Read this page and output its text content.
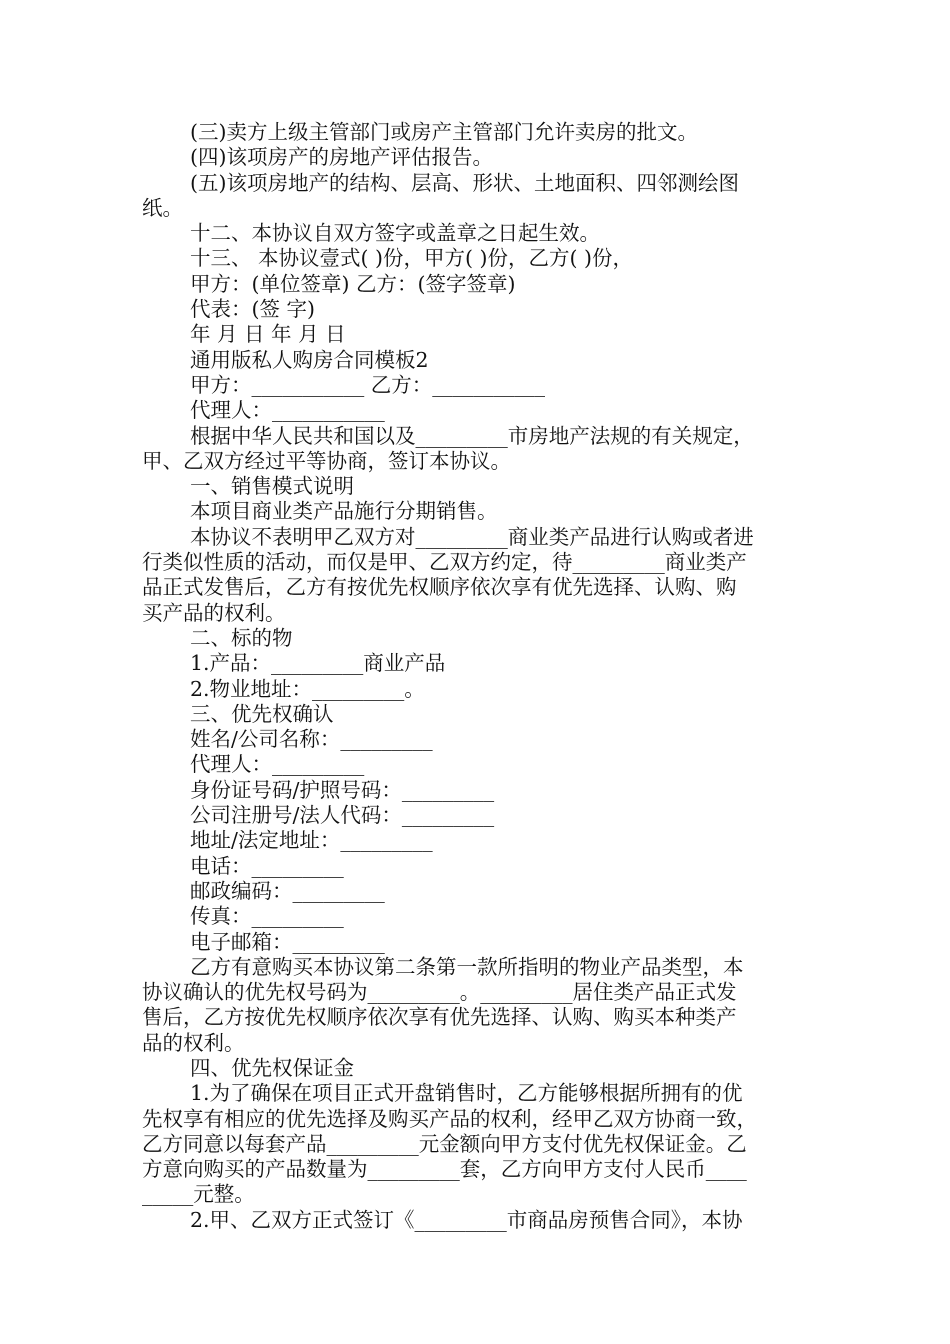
(三)卖方上级主管部门或房产主管部门允许卖房的批文。
(四)该项房产的房地产评估报告。
(五)该项房地产的结构、层高、形状、土地面积、四邻测绘图
纸。
十二、本协议自双方签字或盖章之日起生效。
十三、 本协议壹式( )份，甲方( )份，乙方( )份，
甲方：(单位签章) 乙方：(签字签章)
代表：(签 字)
年 月 日 年 月 日
通用版私人购房合同模板2
甲方：___________ 乙方：___________
代理人：___________
根据中华人民共和国以及_________市房地产法规的有关规定，
甲、乙双方经过平等协商，签订本协议。
一、销售模式说明
本项目商业类产品施行分期销售。
本协议不表明甲乙双方对_________商业类产品进行认购或者进
行类似性质的活动，而仅是甲、乙双方约定，待_________商业类产
品正式发售后，乙方有按优先权顺序依次享有优先选择、认购、购
买产品的权利。
二、标的物
1.产品：_________商业产品
2.物业地址：_________。
三、优先权确认
姓名/公司名称：_________
代理人：_________
身份证号码/护照号码：_________
公司注册号/法人代码：_________
地址/法定地址：_________
电话：_________
邮政编码：_________
传真：_________
电子邮箱：_________
乙方有意购买本协议第二条第一款所指明的物业产品类型，本
协议确认的优先权号码为_________。_________居住类产品正式发
售后，乙方按优先权顺序依次享有优先选择、认购、购买本种类产
品的权利。
四、优先权保证金
1.为了确保在项目正式开盘销售时，乙方能够根据所拥有的优
先权享有相应的优先选择及购买产品的权利，经甲乙双方协商一致，
乙方同意以每套产品_________元金额向甲方支付优先权保证金。乙
方意向购买的产品数量为_________套，乙方向甲方支付人民币____
_____元整。
2.甲、乙双方正式签订《_________市商品房预售合同》，本协
